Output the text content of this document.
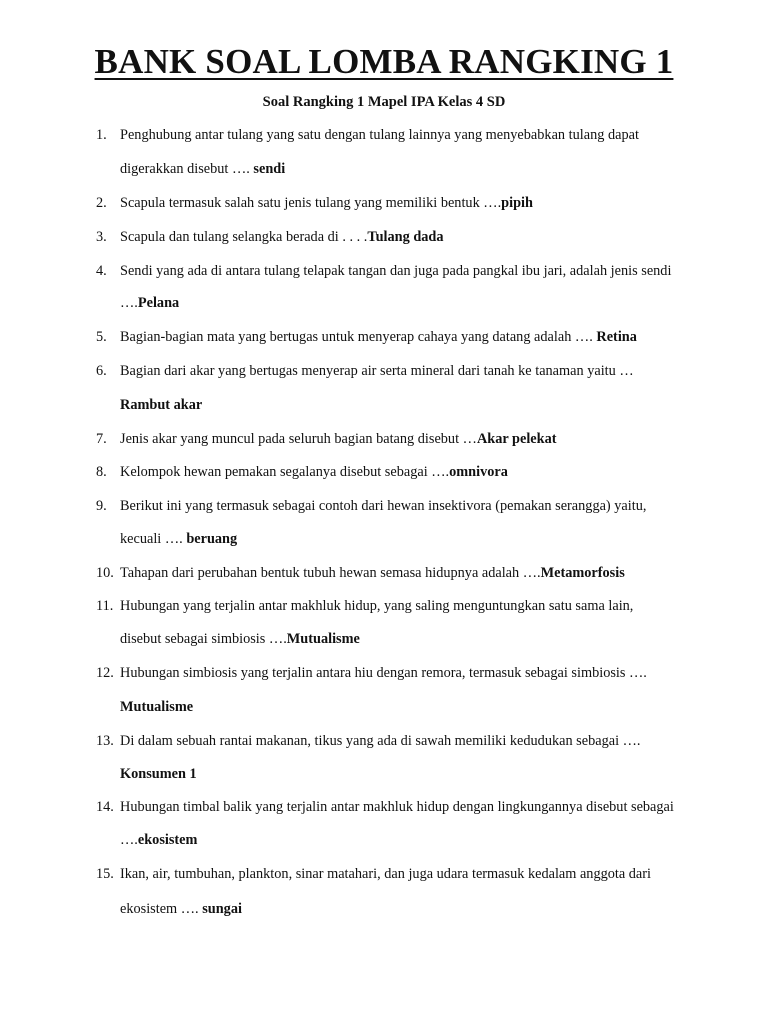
BANK SOAL LOMBA RANGKING 1
Soal Rangking 1 Mapel IPA Kelas 4 SD
1. Penghubung antar tulang yang satu dengan tulang lainnya yang menyebabkan tulang dapat
digerakkan disebut …. sendi
2. Scapula termasuk salah satu jenis tulang yang memiliki bentuk ….pipih
3. Scapula dan tulang selangka berada di . . . .Tulang dada
4. Sendi yang ada di antara tulang telapak tangan dan juga pada pangkal ibu jari, adalah jenis sendi
….Pelana
5. Bagian-bagian mata yang bertugas untuk menyerap cahaya yang datang adalah …. Retina
6. Bagian dari akar yang bertugas menyerap air serta mineral dari tanah ke tanaman yaitu …
Rambut akar
7. Jenis akar yang muncul pada seluruh bagian batang disebut …Akar pelekat
8. Kelompok hewan pemakan segalanya disebut sebagai ….omnivora
9. Berikut ini yang termasuk sebagai contoh dari hewan insektivora (pemakan serangga) yaitu,
kecuali …. beruang
10. Tahapan dari perubahan bentuk tubuh hewan semasa hidupnya adalah ….Metamorfosis
11. Hubungan yang terjalin antar makhluk hidup, yang saling menguntungkan satu sama lain,
disebut sebagai simbiosis ….Mutualisme
12. Hubungan simbiosis yang terjalin antara hiu dengan remora, termasuk sebagai simbiosis ….
Mutualisme
13. Di dalam sebuah rantai makanan, tikus yang ada di sawah memiliki kedudukan sebagai ….
Konsumen 1
14. Hubungan timbal balik yang terjalin antar makhluk hidup dengan lingkungannya disebut sebagai
….ekosistem
15. Ikan, air, tumbuhan, plankton, sinar matahari, dan juga udara termasuk kedalam anggota dari
ekosistem …. sungai
